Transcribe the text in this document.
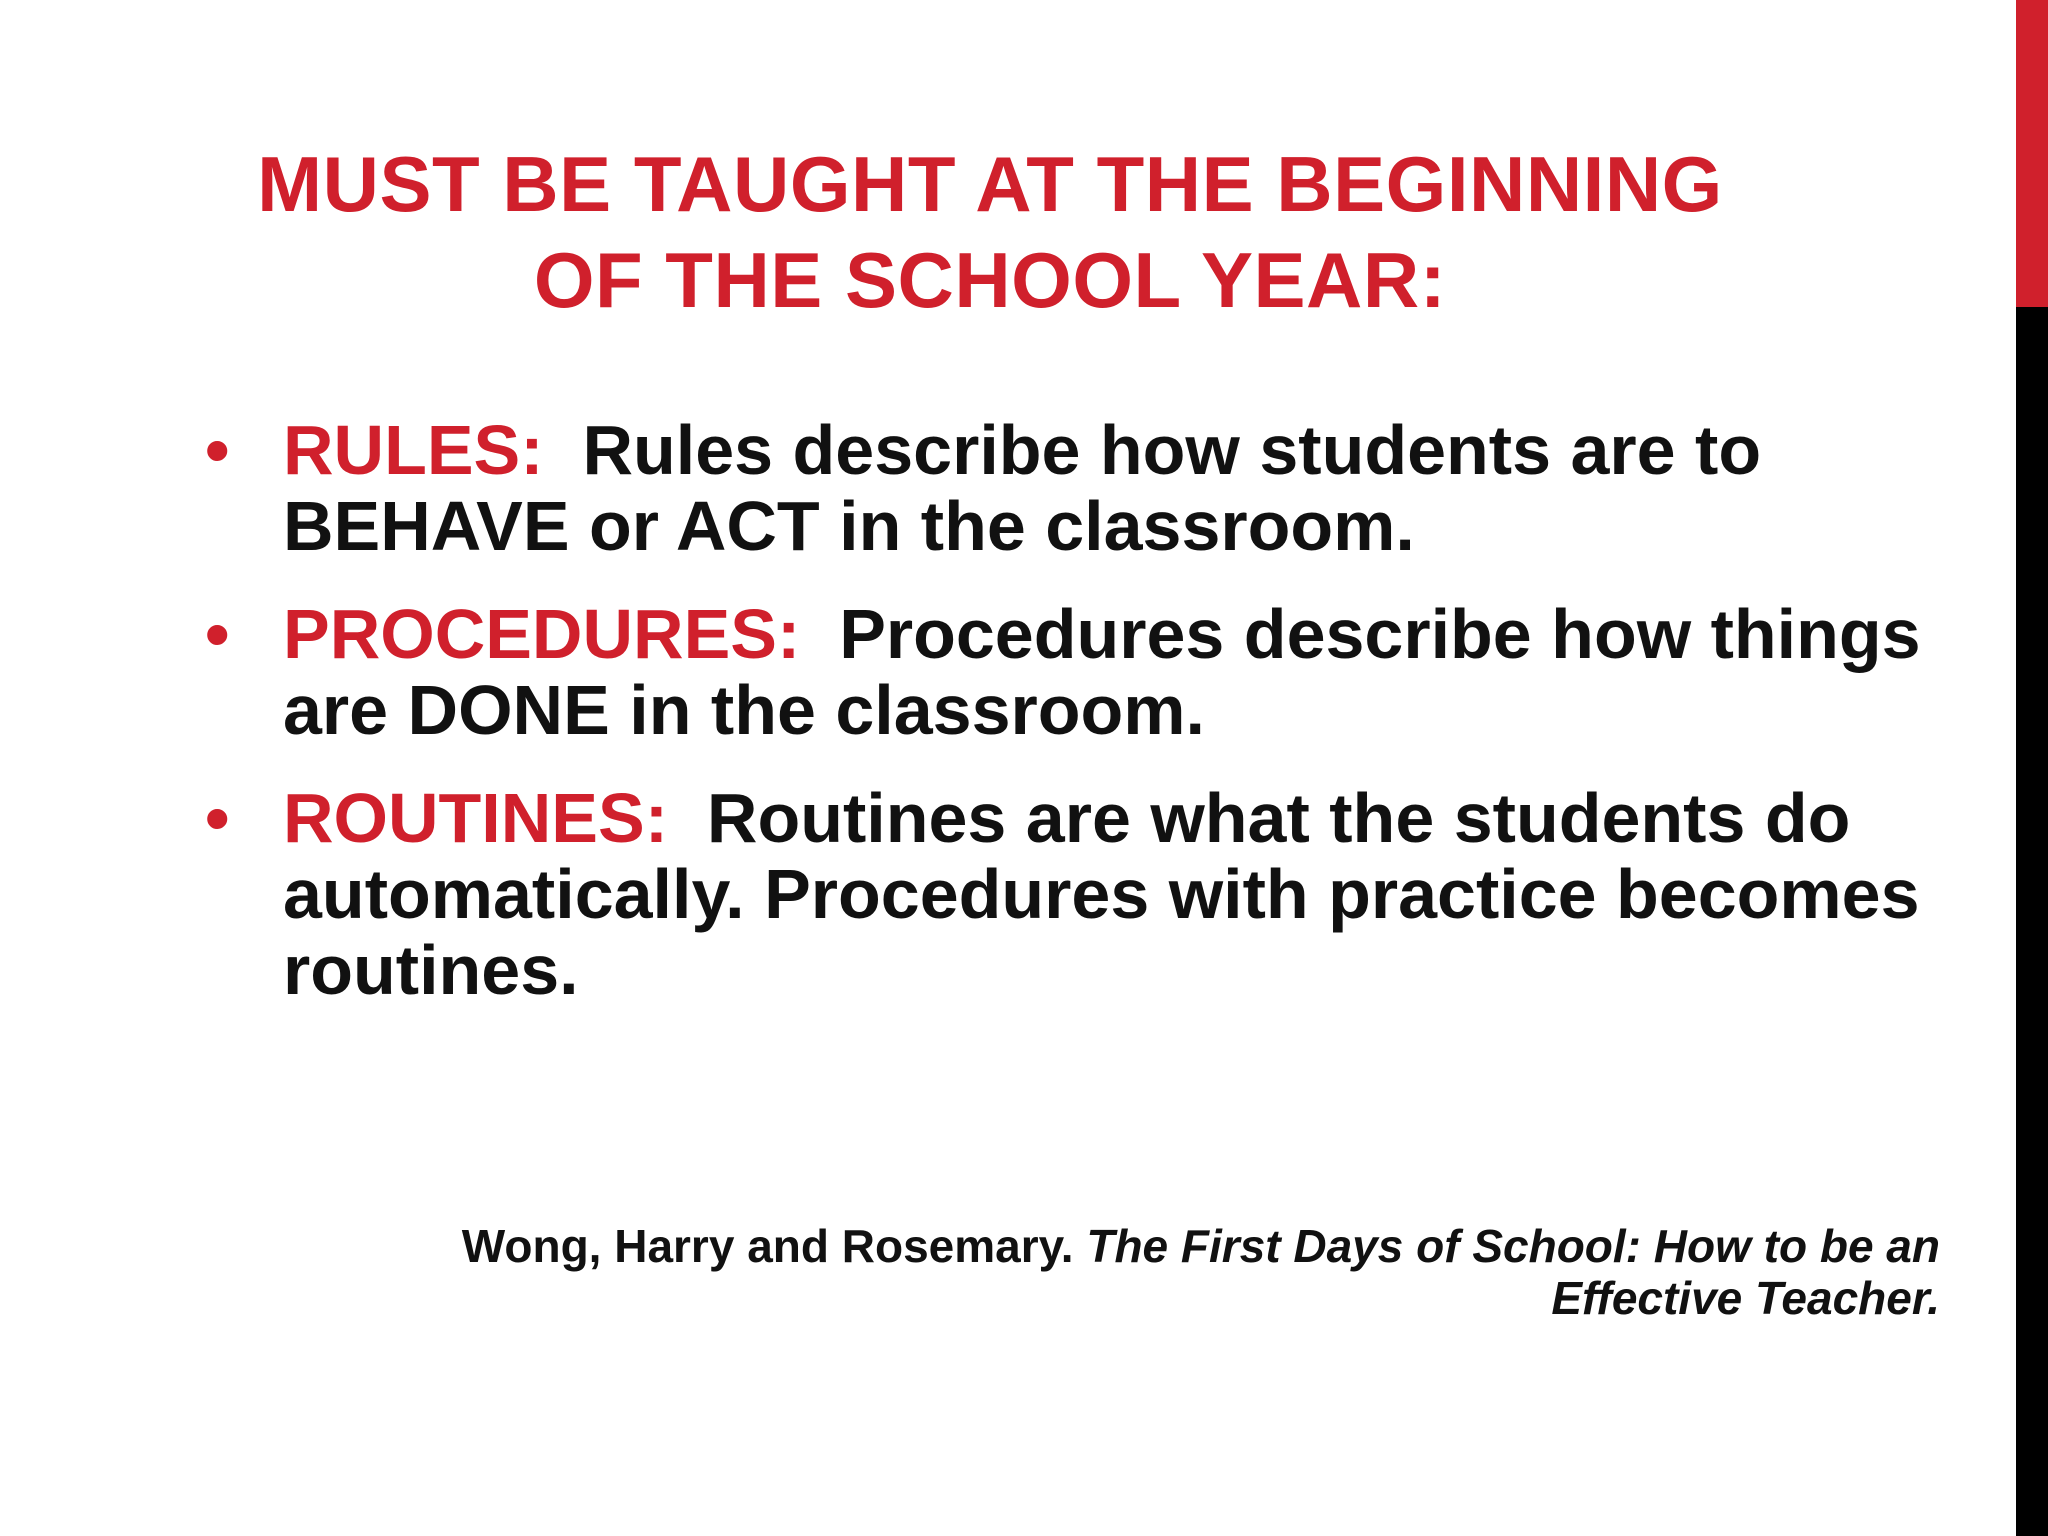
MUST BE TAUGHT AT THE BEGINNING
OF THE SCHOOL YEAR:
• RULES: Rules describe how students are to BEHAVE or ACT in the classroom.
• PROCEDURES: Procedures describe how things are DONE in the classroom.
• ROUTINES: Routines are what the students do automatically. Procedures with practice becomes routines.

Wong, Harry and Rosemary. The First Days of School: How to be an Effective Teacher.
